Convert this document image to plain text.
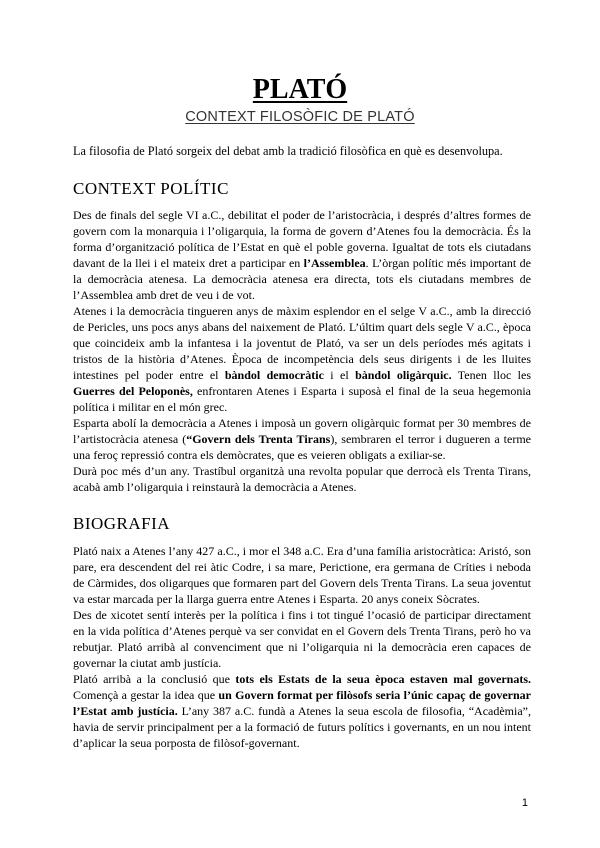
PLATÓ
CONTEXT FILOSÒFIC DE PLATÓ

La filosofia de Plató sorgeix del debat amb la tradició filosòfica en què es desenvolupa.

CONTEXT POLÍTIC

Des de finals del segle VI a.C., debilitat el poder de l’aristocràcia, i després d’altres formes de govern com la monarquia i l’oligarquia, la forma de govern d’Atenes fou la democràcia. És la forma d’organització política de l’Estat en què el poble governa. Igualtat de tots els ciutadans davant de la llei i el mateix dret a participar en l’Assemblea. L’òrgan polític més important de la democràcia atenesa. La democràcia atenesa era directa, tots els ciutadans membres de l’Assemblea amb dret de veu i de vot.

Atenes i la democràcia tingueren anys de màxim esplendor en el selge V a.C., amb la direcció de Pericles, uns pocs anys abans del naixement de Plató. L’últim quart dels segle V a.C., època que coincideix amb la infantesa i la joventut de Plató, va ser un dels períodes més agitats i tristos de la història d’Atenes. Època de incompetència dels seus dirigents i de les lluites intestines pel poder entre el bàndol democràtic i el bàndol oligàrquic. Tenen lloc les Guerres del Peloponès, enfrontaren Atenes i Esparta i suposà el final de la seua hegemonia política i militar en el món grec.

Esparta abolí la democràcia a Atenes i imposà un govern oligàrquic format per 30 membres de l’artistocràcia atenesa (“Govern dels Trenta Tirans), sembraren el terror i dugueren a terme una feroç repressió contra els demòcrates, que es veieren obligats a exiliar-se.

Durà poc més d’un any. Trastíbul organitzà una revolta popular que derrocà els Trenta Tirans, acabà amb l’oligarquia i reinstaurà la democràcia a Atenes.

BIOGRAFIA

Plató naix a Atenes l’any 427 a.C., i mor el 348 a.C. Era d’una família aristocràtica: Aristó, son pare, era descendent del rei àtic Codre, i sa mare, Perictione, era germana de Críties i neboda de Càrmides, dos oligarques que formaren part del Govern dels Trenta Tirans. La seua joventut va estar marcada per la llarga guerra entre Atenes i Esparta. 20 anys coneix Sòcrates.

Des de xicotet sentí interès per la política i fins i tot tingué l’ocasió de participar directament en la vida política d’Atenes perquè va ser convidat en el Govern dels Trenta Tirans, però ho va rebutjar. Plató arribà al convenciment que ni l’oligarquia ni la democràcia eren capaces de governar la ciutat amb justícia.

Plató arribà a la conclusió que tots els Estats de la seua època estaven mal governats. Començà a gestar la idea que un Govern format per filòsofs seria l’únic capaç de governar l’Estat amb justícia. L’any 387 a.C. fundà a Atenes la seua escola de filosofia, “Acadèmia”, havia de servir principalment per a la formació de futurs polítics i governants, en un nou intent d’aplicar la seua porposta de filòsof-governant.

1
